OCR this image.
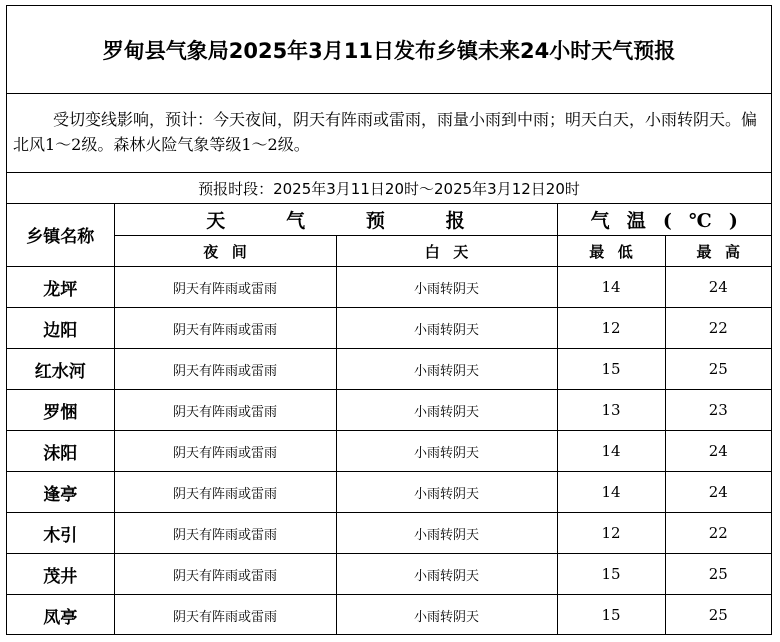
罗甸县气象局2025年3月11日发布乡镇未来24小时天气预报
受切变线影响，预计：今天夜间，阴天有阵雨或雷雨，雨量小雨到中雨；明天白天，小雨转阴天。偏北风1～2级。森林火险气象等级1～2级。
预报时段：2025年3月11日20时～2025年3月12日20时
乡镇名称	天气预报		气温(℃)	
	夜间	白天	最低	最高
龙坪	阴天有阵雨或雷雨	小雨转阴天	14	24
边阳	阴天有阵雨或雷雨	小雨转阴天	12	22
红水河	阴天有阵雨或雷雨	小雨转阴天	15	25
罗悃	阴天有阵雨或雷雨	小雨转阴天	13	23
沫阳	阴天有阵雨或雷雨	小雨转阴天	14	24
逢亭	阴天有阵雨或雷雨	小雨转阴天	14	24
木引	阴天有阵雨或雷雨	小雨转阴天	12	22
茂井	阴天有阵雨或雷雨	小雨转阴天	15	25
凤亭	阴天有阵雨或雷雨	小雨转阴天	15	25
